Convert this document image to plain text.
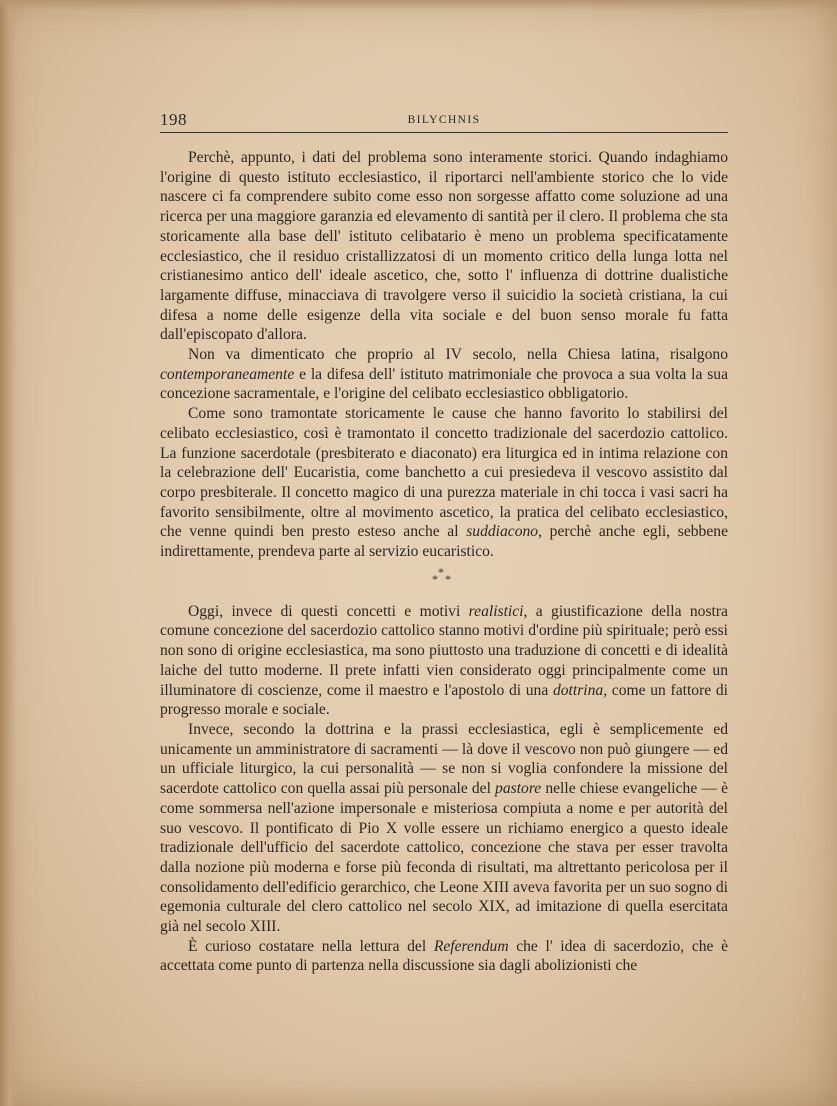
198	BILYCHNIS

Perchè, appunto, i dati del problema sono interamente storici. Quando indaghiamo l'origine di questo istituto ecclesiastico, il riportarci nell'ambiente storico che lo vide nascere ci fa comprendere subito come esso non sorgesse affatto come soluzione ad una ricerca per una maggiore garanzia ed elevamento di santità per il clero. Il problema che sta storicamente alla base dell' istituto celibatario è meno un problema specificatamente ecclesiastico, che il residuo cristallizzatosi di un momento critico della lunga lotta nel cristianesimo antico dell' ideale ascetico, che, sotto l' influenza di dottrine dualistiche largamente diffuse, minacciava di travolgere verso il suicidio la società cristiana, la cui difesa a nome delle esigenze della vita sociale e del buon senso morale fu fatta dall'episcopato d'allora.

Non va dimenticato che proprio al IV secolo, nella Chiesa latina, risalgono contemporaneamente e la difesa dell' istituto matrimoniale che provoca a sua volta la sua concezione sacramentale, e l'origine del celibato ecclesiastico obbligatorio.

Come sono tramontate storicamente le cause che hanno favorito lo stabilirsi del celibato ecclesiastico, così è tramontato il concetto tradizionale del sacerdozio cattolico. La funzione sacerdotale (presbiterato e diaconato) era liturgica ed in intima relazione con la celebrazione dell' Eucaristia, come banchetto a cui presiedeva il vescovo assistito dal corpo presbiterale. Il concetto magico di una purezza materiale in chi tocca i vasi sacri ha favorito sensibilmente, oltre al movimento ascetico, la pratica del celibato ecclesiastico, che venne quindi ben presto esteso anche al suddiacono, perchè anche egli, sebbene indirettamente, prendeva parte al servizio eucaristico.

*
* *

Oggi, invece di questi concetti e motivi realistici, a giustificazione della nostra comune concezione del sacerdozio cattolico stanno motivi d'ordine più spirituale; però essi non sono di origine ecclesiastica, ma sono piuttosto una traduzione di concetti e di idealità laiche del tutto moderne. Il prete infatti vien considerato oggi principalmente come un illuminatore di coscienze, come il maestro e l'apostolo di una dottrina, come un fattore di progresso morale e sociale.

Invece, secondo la dottrina e la prassi ecclesiastica, egli è semplicemente ed unicamente un amministratore di sacramenti — là dove il vescovo non può giungere — ed un ufficiale liturgico, la cui personalità — se non si voglia confondere la missione del sacerdote cattolico con quella assai più personale del pastore nelle chiese evangeliche — è come sommersa nell'azione impersonale e misteriosa compiuta a nome e per autorità del suo vescovo. Il pontificato di Pio X volle essere un richiamo energico a questo ideale tradizionale dell'ufficio del sacerdote cattolico, concezione che stava per esser travolta dalla nozione più moderna e forse più feconda di risultati, ma altrettanto pericolosa per il consolidamento dell'edificio gerarchico, che Leone XIII aveva favorita per un suo sogno di egemonia culturale del clero cattolico nel secolo XIX, ad imitazione di quella esercitata già nel secolo XIII.

È curioso costatare nella lettura del Referendum che l' idea di sacerdozio, che è accettata come punto di partenza nella discussione sia dagli abolizionisti che
